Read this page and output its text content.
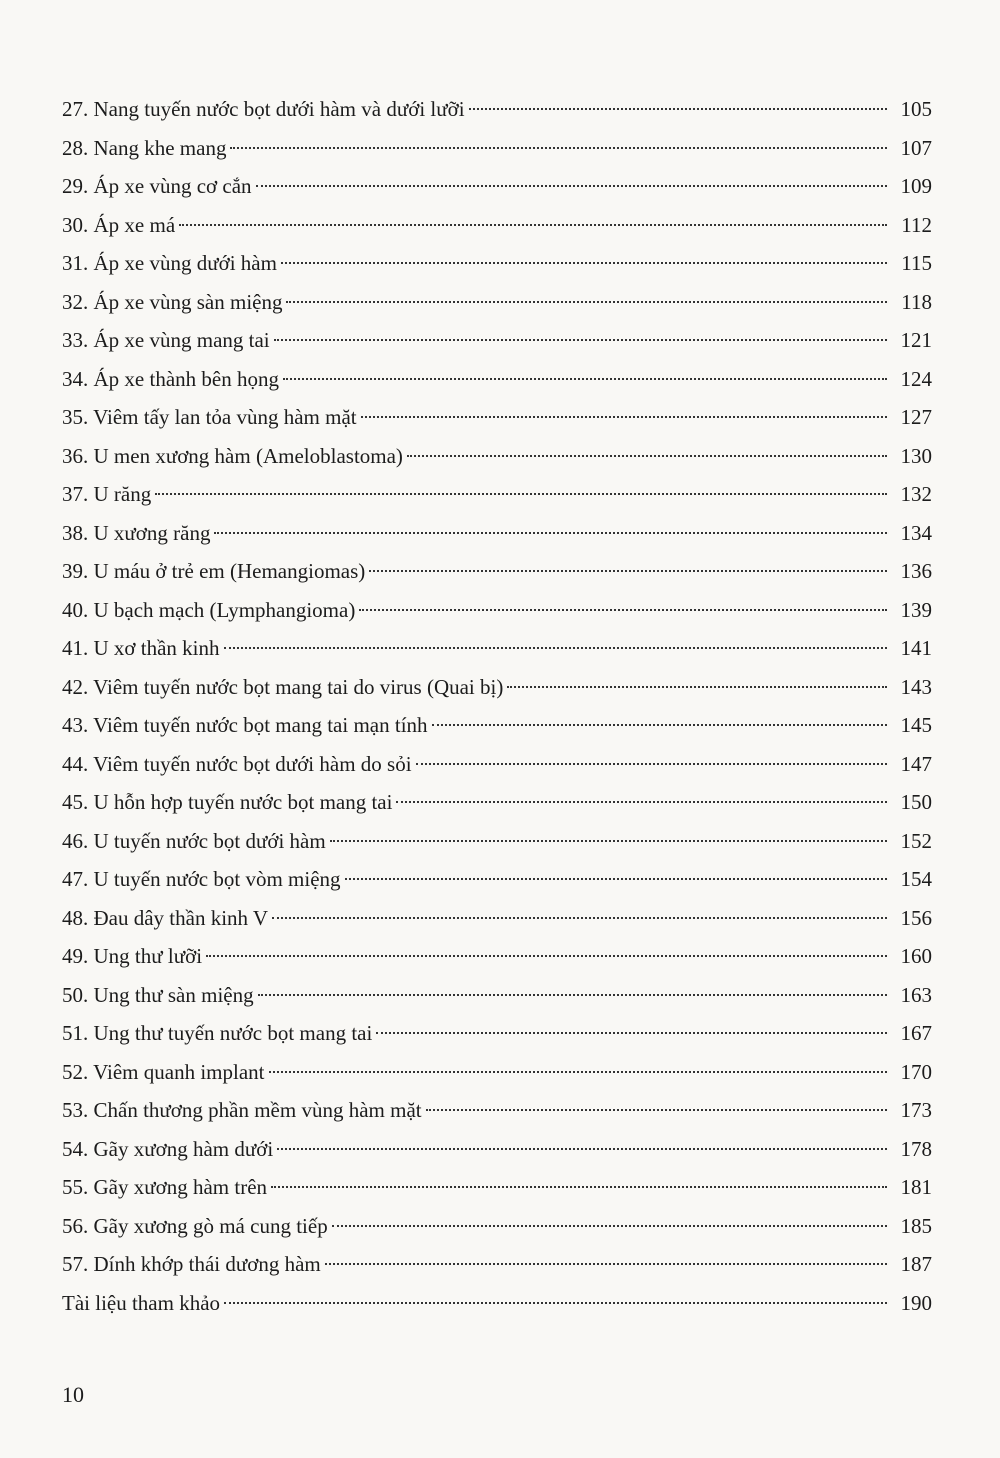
27. Nang tuyến nước bọt dưới hàm và dưới lưỡi	105
28. Nang khe mang	107
29. Áp xe vùng cơ cắn	109
30. Áp xe má	112
31. Áp xe vùng dưới hàm	115
32. Áp xe vùng sàn miệng	118
33. Áp xe vùng mang tai	121
34. Áp xe thành bên họng	124
35. Viêm tấy lan tỏa vùng hàm mặt	127
36. U men xương hàm (Ameloblastoma)	130
37. U răng	132
38. U xương răng	134
39. U máu ở trẻ em (Hemangiomas)	136
40. U bạch mạch (Lymphangioma)	139
41. U xơ thần kinh	141
42. Viêm tuyến nước bọt mang tai do virus (Quai bị)	143
43. Viêm tuyến nước bọt mang tai mạn tính	145
44. Viêm tuyến nước bọt dưới hàm do sỏi	147
45. U hỗn hợp tuyến nước bọt mang tai	150
46. U tuyến nước bọt dưới hàm	152
47. U tuyến nước bọt vòm miệng	154
48. Đau dây thần kinh V	156
49. Ung thư lưỡi	160
50. Ung thư sàn miệng	163
51. Ung thư tuyến nước bọt mang tai	167
52. Viêm quanh implant	170
53. Chấn thương phần mềm vùng hàm mặt	173
54. Gãy xương hàm dưới	178
55. Gãy xương hàm trên	181
56. Gãy xương gò má cung tiếp	185
57. Dính khớp thái dương hàm	187
Tài liệu tham khảo	190
10
